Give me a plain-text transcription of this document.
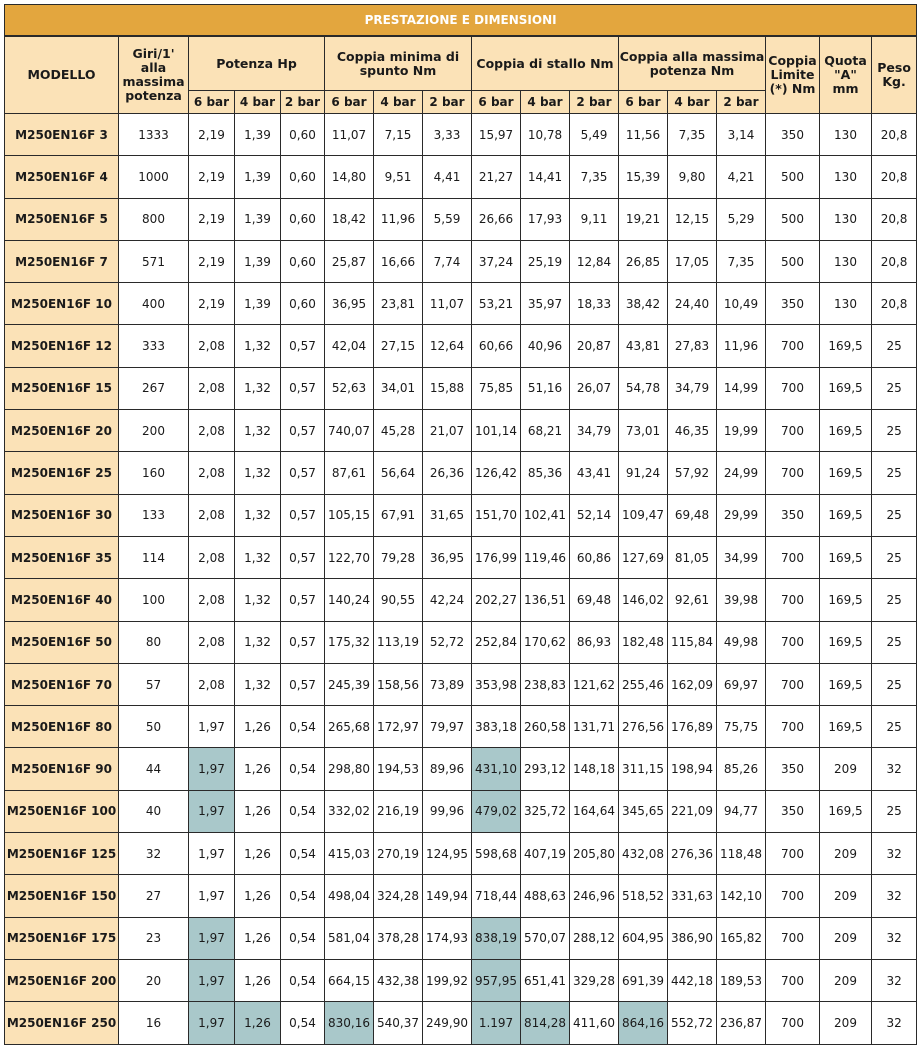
PRESTAZIONE E DIMENSIONI																
MODELLO	Giri/1' alla massima potenza	Potenza Hp			Coppia minima di spunto Nm			Coppia di stallo Nm			Coppia alla massima potenza Nm			Coppia Limite (*) Nm	Quota "A" mm	Peso Kg.
		6 bar	4 bar	2 bar	6 bar	4 bar	2 bar	6 bar	4 bar	2 bar	6 bar	4 bar	2 bar			
M250EN16F 3	1333	2,19	1,39	0,60	11,07	7,15	3,33	15,97	10,78	5,49	11,56	7,35	3,14	350	130	20,8
M250EN16F 4	1000	2,19	1,39	0,60	14,80	9,51	4,41	21,27	14,41	7,35	15,39	9,80	4,21	500	130	20,8
M250EN16F 5	800	2,19	1,39	0,60	18,42	11,96	5,59	26,66	17,93	9,11	19,21	12,15	5,29	500	130	20,8
M250EN16F 7	571	2,19	1,39	0,60	25,87	16,66	7,74	37,24	25,19	12,84	26,85	17,05	7,35	500	130	20,8
M250EN16F 10	400	2,19	1,39	0,60	36,95	23,81	11,07	53,21	35,97	18,33	38,42	24,40	10,49	350	130	20,8
M250EN16F 12	333	2,08	1,32	0,57	42,04	27,15	12,64	60,66	40,96	20,87	43,81	27,83	11,96	700	169,5	25
M250EN16F 15	267	2,08	1,32	0,57	52,63	34,01	15,88	75,85	51,16	26,07	54,78	34,79	14,99	700	169,5	25
M250EN16F 20	200	2,08	1,32	0,57	740,07	45,28	21,07	101,14	68,21	34,79	73,01	46,35	19,99	700	169,5	25
M250EN16F 25	160	2,08	1,32	0,57	87,61	56,64	26,36	126,42	85,36	43,41	91,24	57,92	24,99	700	169,5	25
M250EN16F 30	133	2,08	1,32	0,57	105,15	67,91	31,65	151,70	102,41	52,14	109,47	69,48	29,99	350	169,5	25
M250EN16F 35	114	2,08	1,32	0,57	122,70	79,28	36,95	176,99	119,46	60,86	127,69	81,05	34,99	700	169,5	25
M250EN16F 40	100	2,08	1,32	0,57	140,24	90,55	42,24	202,27	136,51	69,48	146,02	92,61	39,98	700	169,5	25
M250EN16F 50	80	2,08	1,32	0,57	175,32	113,19	52,72	252,84	170,62	86,93	182,48	115,84	49,98	700	169,5	25
M250EN16F 70	57	2,08	1,32	0,57	245,39	158,56	73,89	353,98	238,83	121,62	255,46	162,09	69,97	700	169,5	25
M250EN16F 80	50	1,97	1,26	0,54	265,68	172,97	79,97	383,18	260,58	131,71	276,56	176,89	75,75	700	169,5	25
M250EN16F 90	44	1,97	1,26	0,54	298,80	194,53	89,96	431,10	293,12	148,18	311,15	198,94	85,26	350	209	32
M250EN16F 100	40	1,97	1,26	0,54	332,02	216,19	99,96	479,02	325,72	164,64	345,65	221,09	94,77	350	169,5	25
M250EN16F 125	32	1,97	1,26	0,54	415,03	270,19	124,95	598,68	407,19	205,80	432,08	276,36	118,48	700	209	32
M250EN16F 150	27	1,97	1,26	0,54	498,04	324,28	149,94	718,44	488,63	246,96	518,52	331,63	142,10	700	209	32
M250EN16F 175	23	1,97	1,26	0,54	581,04	378,28	174,93	838,19	570,07	288,12	604,95	386,90	165,82	700	209	32
M250EN16F 200	20	1,97	1,26	0,54	664,15	432,38	199,92	957,95	651,41	329,28	691,39	442,18	189,53	700	209	32
M250EN16F 250	16	1,97	1,26	0,54	830,16	540,37	249,90	1.197	814,28	411,60	864,16	552,72	236,87	700	209	32
